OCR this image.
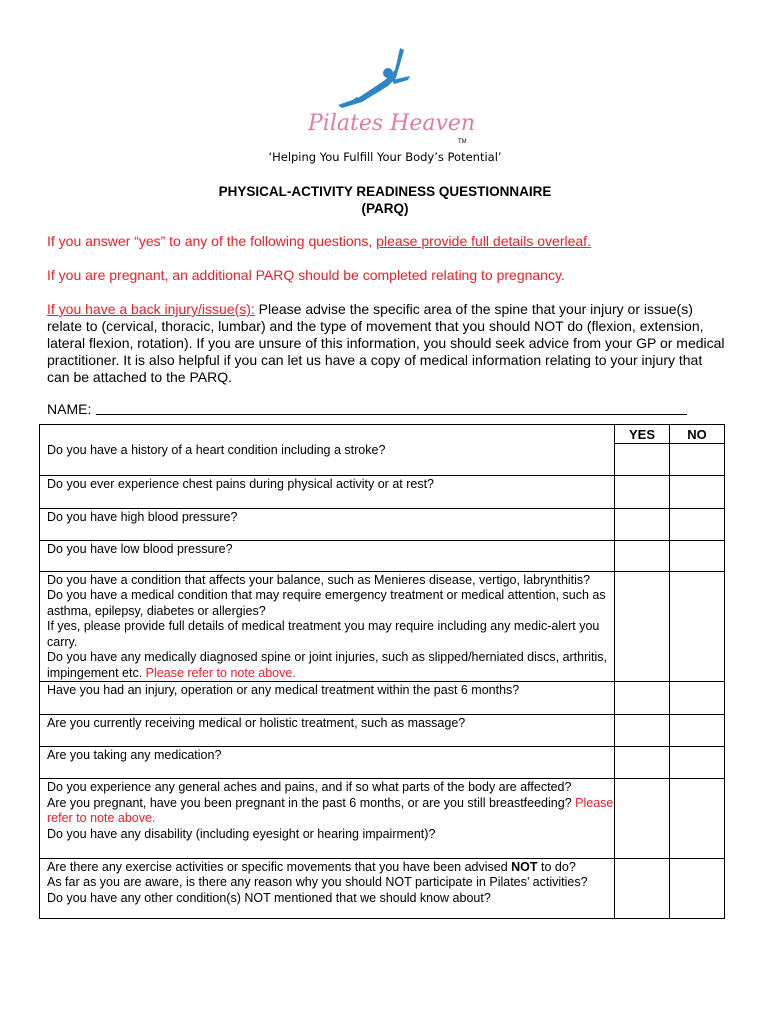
Pilates Heaven
TM
‘Helping You Fulfill Your Body’s Potential’
PHYSICAL-ACTIVITY READINESS QUESTIONNAIRE
(PARQ)
If you answer “yes” to any of the following questions, please provide full details overleaf.
If you are pregnant, an additional PARQ should be completed relating to pregnancy.
If you have a back injury/issue(s): Please advise the specific area of the spine that your injury or issue(s) relate to (cervical, thoracic, lumbar) and the type of movement that you should NOT do (flexion, extension, lateral flexion, rotation). If you are unsure of this information, you should seek advice from your GP or medical practitioner. It is also helpful if you can let us have a copy of medical information relating to your injury that can be attached to the PARQ.
NAME:
	YES	NO
Do you have a history of a heart condition including a stroke?		
Do you ever experience chest pains during physical activity or at rest?		
Do you have high blood pressure?		
Do you have low blood pressure?		

Do you have a condition that affects your balance, such as Menieres disease, vertigo, labrynthitis?
Do you have a medical condition that may require emergency treatment or medical attention, such as asthma, epilepsy, diabetes or allergies?
If yes, please provide full details of medical treatment you may require including any medic-alert you carry.
Do you have any medically diagnosed spine or joint injuries, such as slipped/herniated discs, arthritis, impingement etc. Please refer to note above.		

Have you had an injury, operation or any medical treatment within the past 6 months?		
Are you currently receiving medical or holistic treatment, such as massage?		
Are you taking any medication?		

Do you experience any general aches and pains, and if so what parts of the body are affected?
Are you pregnant, have you been pregnant in the past 6 months, or are you still breastfeeding? Please refer to note above.
Do you have any disability (including eyesight or hearing impairment)?		

Are there any exercise activities or specific movements that you have been advised NOT to do?
As far as you are aware, is there any reason why you should NOT participate in Pilates’ activities?
Do you have any other condition(s) NOT mentioned that we should know about?		
